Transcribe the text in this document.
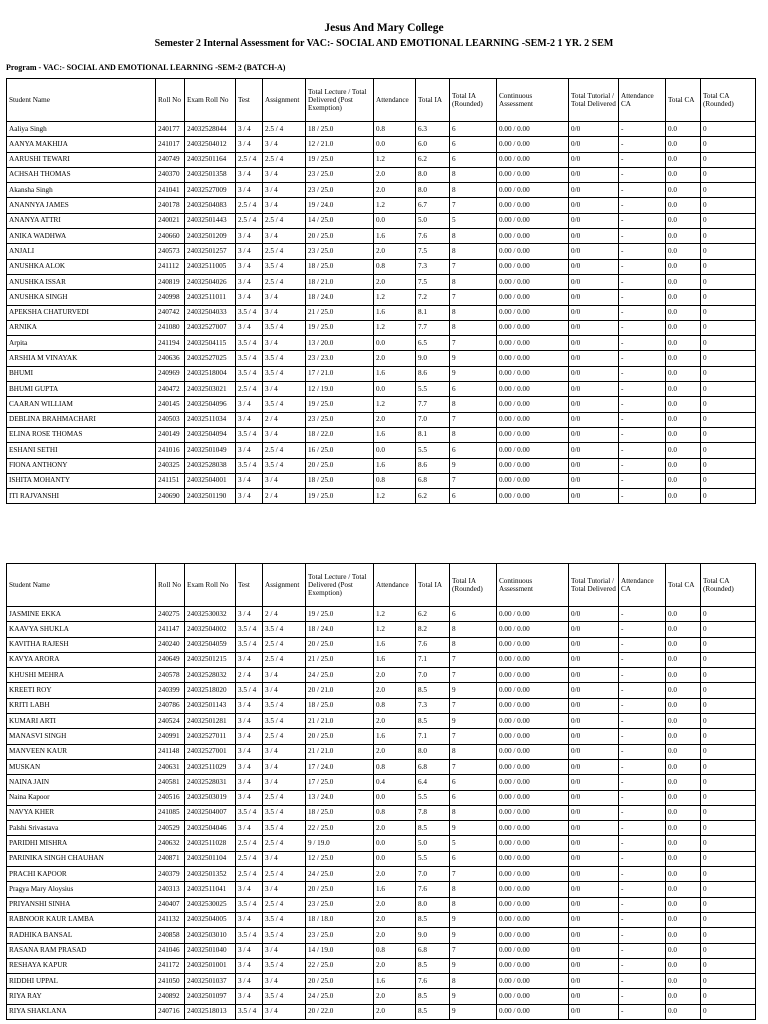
Jesus And Mary College
Semester 2 Internal Assessment for VAC:- SOCIAL AND EMOTIONAL LEARNING -SEM-2 1 YR. 2 SEM
Program - VAC:- SOCIAL AND EMOTIONAL LEARNING -SEM-2 (BATCH-A)
Student Name	Roll No	Exam Roll No	Test	Assignment	Total Lecture / Total Delivered (Post Exemption)	Attendance	Total IA	Total IA (Rounded)	Continuous Assessment	Total Tutorial / Total Delivered	Attendance CA	Total CA	Total CA (Rounded)
Aaliya Singh	240177	24032528044	3 / 4	2.5 / 4	18 / 25.0	0.8	6.3	6	0.00 / 0.00	0/0	-	0.0	0
AANYA MAKHIJA	241017	24032504012	3 / 4	3 / 4	12 / 21.0	0.0	6.0	6	0.00 / 0.00	0/0	-	0.0	0
AARUSHI TEWARI	240749	24032501164	2.5 / 4	2.5 / 4	19 / 25.0	1.2	6.2	6	0.00 / 0.00	0/0	-	0.0	0
ACHSAH THOMAS	240370	24032501358	3 / 4	3 / 4	23 / 25.0	2.0	8.0	8	0.00 / 0.00	0/0	-	0.0	0
Akansha Singh	241041	24032527009	3 / 4	3 / 4	23 / 25.0	2.0	8.0	8	0.00 / 0.00	0/0	-	0.0	0
ANANNYA JAMES	240178	24032504083	2.5 / 4	3 / 4	19 / 24.0	1.2	6.7	7	0.00 / 0.00	0/0	-	0.0	0
ANANYA ATTRI	240021	24032501443	2.5 / 4	2.5 / 4	14 / 25.0	0.0	5.0	5	0.00 / 0.00	0/0	-	0.0	0
ANIKA WADHWA	240660	24032501209	3 / 4	3 / 4	20 / 25.0	1.6	7.6	8	0.00 / 0.00	0/0	-	0.0	0
ANJALI	240573	24032501257	3 / 4	2.5 / 4	23 / 25.0	2.0	7.5	8	0.00 / 0.00	0/0	-	0.0	0
ANUSHKA ALOK	241112	24032511005	3 / 4	3.5 / 4	18 / 25.0	0.8	7.3	7	0.00 / 0.00	0/0	-	0.0	0
ANUSHKA ISSAR	240819	24032504026	3 / 4	2.5 / 4	18 / 21.0	2.0	7.5	8	0.00 / 0.00	0/0	-	0.0	0
ANUSHKA SINGH	240998	24032511011	3 / 4	3 / 4	18 / 24.0	1.2	7.2	7	0.00 / 0.00	0/0	-	0.0	0
APEKSHA CHATURVEDI	240742	24032504033	3.5 / 4	3 / 4	21 / 25.0	1.6	8.1	8	0.00 / 0.00	0/0	-	0.0	0
ARNIKA	241080	24032527007	3 / 4	3.5 / 4	19 / 25.0	1.2	7.7	8	0.00 / 0.00	0/0	-	0.0	0
Arpita	241194	24032504115	3.5 / 4	3 / 4	13 / 20.0	0.0	6.5	7	0.00 / 0.00	0/0	-	0.0	0
ARSHIA M VINAYAK	240636	24032527025	3.5 / 4	3.5 / 4	23 / 23.0	2.0	9.0	9	0.00 / 0.00	0/0	-	0.0	0
BHUMI	240969	24032518004	3.5 / 4	3.5 / 4	17 / 21.0	1.6	8.6	9	0.00 / 0.00	0/0	-	0.0	0
BHUMI GUPTA	240472	24032503021	2.5 / 4	3 / 4	12 / 19.0	0.0	5.5	6	0.00 / 0.00	0/0	-	0.0	0
CAARAN WILLIAM	240145	24032504096	3 / 4	3.5 / 4	19 / 25.0	1.2	7.7	8	0.00 / 0.00	0/0	-	0.0	0
DEBLINA BRAHMACHARI	240503	24032511034	3 / 4	2 / 4	23 / 25.0	2.0	7.0	7	0.00 / 0.00	0/0	-	0.0	0
ELINA ROSE THOMAS	240149	24032504094	3.5 / 4	3 / 4	18 / 22.0	1.6	8.1	8	0.00 / 0.00	0/0	-	0.0	0
ESHANI SETHI	241016	24032501049	3 / 4	2.5 / 4	16 / 25.0	0.0	5.5	6	0.00 / 0.00	0/0	-	0.0	0
FIONA ANTHONY	240325	24032528038	3.5 / 4	3.5 / 4	20 / 25.0	1.6	8.6	9	0.00 / 0.00	0/0	-	0.0	0
ISHITA MOHANTY	241151	24032504001	3 / 4	3 / 4	18 / 25.0	0.8	6.8	7	0.00 / 0.00	0/0	-	0.0	0
ITI RAJVANSHI	240690	24032501190	3 / 4	2 / 4	19 / 25.0	1.2	6.2	6	0.00 / 0.00	0/0	-	0.0	0
Student Name	Roll No	Exam Roll No	Test	Assignment	Total Lecture / Total Delivered (Post Exemption)	Attendance	Total IA	Total IA (Rounded)	Continuous Assessment	Total Tutorial / Total Delivered	Attendance CA	Total CA	Total CA (Rounded)
JASMINE EKKA	240275	24032530032	3 / 4	2 / 4	19 / 25.0	1.2	6.2	6	0.00 / 0.00	0/0	-	0.0	0
KAAVYA SHUKLA	241147	24032504002	3.5 / 4	3.5 / 4	18 / 24.0	1.2	8.2	8	0.00 / 0.00	0/0	-	0.0	0
KAVITHA RAJESH	240240	24032504059	3.5 / 4	2.5 / 4	20 / 25.0	1.6	7.6	8	0.00 / 0.00	0/0	-	0.0	0
KAVYA ARORA	240649	24032501215	3 / 4	2.5 / 4	21 / 25.0	1.6	7.1	7	0.00 / 0.00	0/0	-	0.0	0
KHUSHI MEHRA	240578	24032528032	2 / 4	3 / 4	24 / 25.0	2.0	7.0	7	0.00 / 0.00	0/0	-	0.0	0
KREETI ROY	240399	24032518020	3.5 / 4	3 / 4	20 / 21.0	2.0	8.5	9	0.00 / 0.00	0/0	-	0.0	0
KRITI LABH	240786	24032501143	3 / 4	3.5 / 4	18 / 25.0	0.8	7.3	7	0.00 / 0.00	0/0	-	0.0	0
KUMARI ARTI	240524	24032501281	3 / 4	3.5 / 4	21 / 21.0	2.0	8.5	9	0.00 / 0.00	0/0	-	0.0	0
MANASVI SINGH	240991	24032527011	3 / 4	2.5 / 4	20 / 25.0	1.6	7.1	7	0.00 / 0.00	0/0	-	0.0	0
MANVEEN KAUR	241148	24032527001	3 / 4	3 / 4	21 / 21.0	2.0	8.0	8	0.00 / 0.00	0/0	-	0.0	0
MUSKAN	240631	24032511029	3 / 4	3 / 4	17 / 24.0	0.8	6.8	7	0.00 / 0.00	0/0	-	0.0	0
NAINA JAIN	240581	24032528031	3 / 4	3 / 4	17 / 25.0	0.4	6.4	6	0.00 / 0.00	0/0	-	0.0	0
Naina Kapoor	240516	24032503019	3 / 4	2.5 / 4	13 / 24.0	0.0	5.5	6	0.00 / 0.00	0/0	-	0.0	0
NAVYA KHER	241085	24032504007	3.5 / 4	3.5 / 4	18 / 25.0	0.8	7.8	8	0.00 / 0.00	0/0	-	0.0	0
Palshi Srivastava	240529	24032504046	3 / 4	3.5 / 4	22 / 25.0	2.0	8.5	9	0.00 / 0.00	0/0	-	0.0	0
PARIDHI MISHRA	240632	24032511028	2.5 / 4	2.5 / 4	9 / 19.0	0.0	5.0	5	0.00 / 0.00	0/0	-	0.0	0
PARINIKA SINGH CHAUHAN	240871	24032501104	2.5 / 4	3 / 4	12 / 25.0	0.0	5.5	6	0.00 / 0.00	0/0	-	0.0	0
PRACHI KAPOOR	240379	24032501352	2.5 / 4	2.5 / 4	24 / 25.0	2.0	7.0	7	0.00 / 0.00	0/0	-	0.0	0
Pragya Mary Aloysius	240313	24032511041	3 / 4	3 / 4	20 / 25.0	1.6	7.6	8	0.00 / 0.00	0/0	-	0.0	0
PRIYANSHI SINHA	240407	24032530025	3.5 / 4	2.5 / 4	23 / 25.0	2.0	8.0	8	0.00 / 0.00	0/0	-	0.0	0
RABNOOR KAUR LAMBA	241132	24032504005	3 / 4	3.5 / 4	18 / 18.0	2.0	8.5	9	0.00 / 0.00	0/0	-	0.0	0
RADHIKA BANSAL	240858	24032503010	3.5 / 4	3.5 / 4	23 / 25.0	2.0	9.0	9	0.00 / 0.00	0/0	-	0.0	0
RASANA RAM PRASAD	241046	24032501040	3 / 4	3 / 4	14 / 19.0	0.8	6.8	7	0.00 / 0.00	0/0	-	0.0	0
RESHAYA KAPUR	241172	24032501001	3 / 4	3.5 / 4	22 / 25.0	2.0	8.5	9	0.00 / 0.00	0/0	-	0.0	0
RIDDHI UPPAL	241050	24032501037	3 / 4	3 / 4	20 / 25.0	1.6	7.6	8	0.00 / 0.00	0/0	-	0.0	0
RIYA RAY	240892	24032501097	3 / 4	3.5 / 4	24 / 25.0	2.0	8.5	9	0.00 / 0.00	0/0	-	0.0	0
RIYA SHAKLANA	240716	24032518013	3.5 / 4	3 / 4	20 / 22.0	2.0	8.5	9	0.00 / 0.00	0/0	-	0.0	0
